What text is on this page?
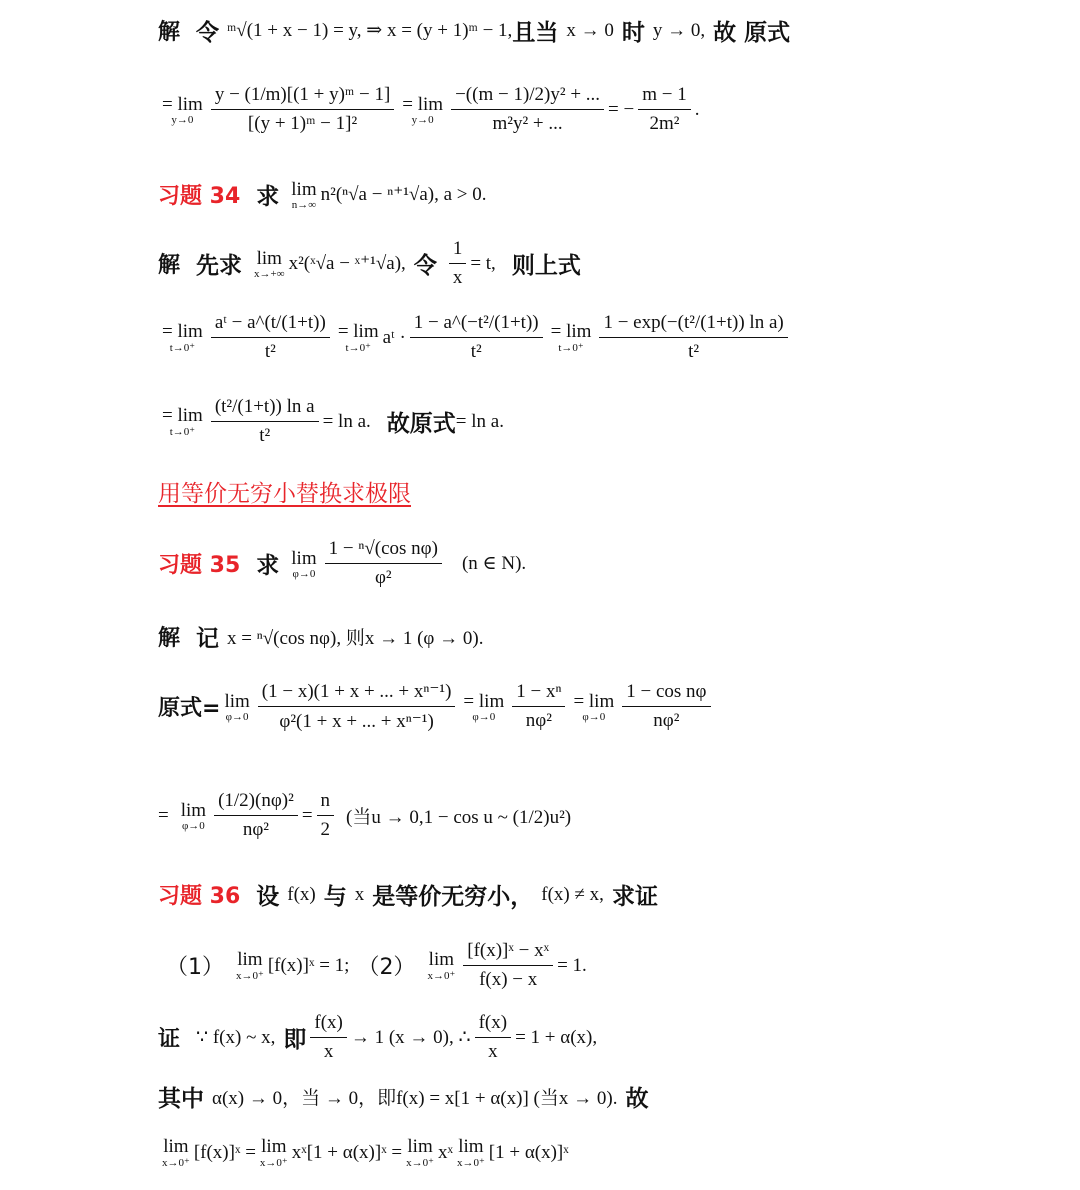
解 令 ᵐ√(1 + x − 1) = y, ⇒ x = (y + 1)ᵐ − 1, 且当 x → 0 时 y → 0, 故 原式
= lim
$y\to 0 \frac{\text{y − (1/m)[(1 + y)ᵐ − 1]}}{\text{[(y + 1)ᵐ − 1]²}} = \lim$
$y\to 0 \frac{\text{−((m − 1)/2)y² + ...}}{\text{m²y² + ...}}$ = − $\frac{m - 1}{\text{2m²}}$ .
习题 34 求 lim
n→∞ n²(ⁿ√a − ⁿ⁺¹√a), a > 0.
解 先求 lim
x→+∞ x²(ˣ√a − ˣ⁺¹√a), 令 $\frac{1}{x} = t$, 则上式
= lim
$t\to 0^+ \frac{\text{aᵗ − a\textasciicircum{}(t/(1+t))}}{\text{t²}} = \lim$
t→0⁺
aᵗ · $\frac{\text{1 − a\textasciicircum{}(−t²/(1+t))}}{\text{t²}} = \lim$
$t\to 0^+ \frac{\text{1 − exp(−(t²/(1+t)) ln a)}}{\text{t²}}$
= lim
$t\to 0^+ \frac{\text{(t²/(1+t)) ln a}}{\text{t²}} = \ln a$. 故原式 = ln a.
用等价无穷小替换求极限
习题 35 求 lim
$\varphi\to 0 \frac{\text{1 − ⁿ√(cos nφ)}}{\text{φ²}} (n$ ∈ N).
解 记 x = ⁿ√(cos nφ), 则x → 1 (φ → 0).
原式= lim
$\varphi\to 0 \frac{\text{(1 − x)(1 + x + ... + xⁿ⁻¹)}}{\text{φ²(1 + x + ... + xⁿ⁻¹)}} = \lim$
$\varphi\to 0 \frac{\text{1 − xⁿ}}{\text{nφ²}} = \lim$
$\varphi\to 0 \frac{\text{1 − cos nφ}}{\text{nφ²}}$
= lim
$\varphi\to 0 \frac{\text{(1/2)(nφ)²}}{\text{nφ²}} = \frac{n}{2}$ (当u → 0,1 − cos u ~ (1/2)u²)
习题 36 设 f(x) 与 x 是等价无穷小， f(x) ≠ x, 求证
（1） lim
x→0⁺
[f(x)]ˣ = 1; （2） lim
$x\to 0^+ \frac{\text{[f(x)]ˣ − xˣ}}{f(x) - x} = 1$.
证 ∵ f(x) ~ x, 即 $\frac{f(x)}{x} \to 1$ (x → 0), ∴ $\frac{f(x)}{x} = 1 + \alpha(x)$,
其中 α(x) → 0，当 → 0，即f(x) = x[1 + α(x)] (当x → 0). 故
lim
x→0⁺
[f(x)]ˣ = lim
x→0⁺
xˣ[1 + α(x)]ˣ = lim
x→0⁺
xˣ lim
x→0⁺
[1 + α(x)]ˣ
